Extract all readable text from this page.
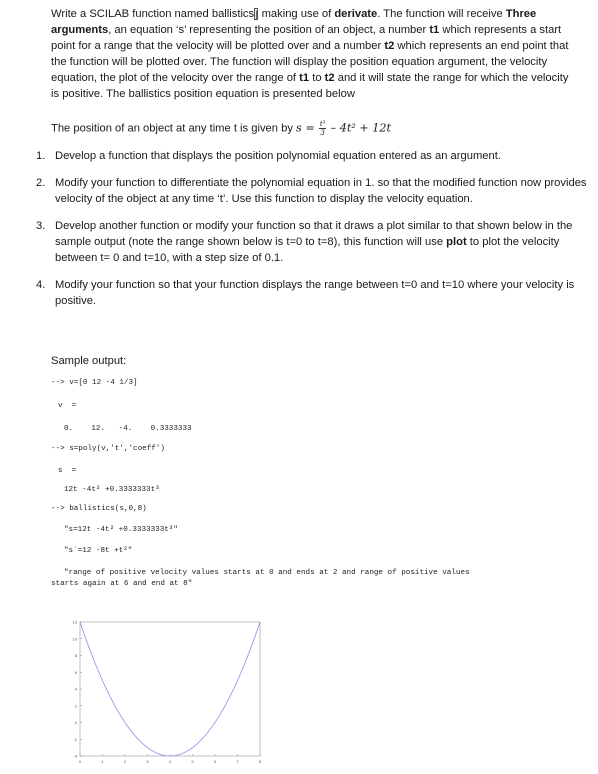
Write a SCILAB function named ballistics| making use of derivate. The function will receive Three arguments, an equation ‘s’ representing the position of an object, a number t1 which represents a start point for a range that the velocity will be plotted over and a number t2 which represents an end point that the function will be plotted over. The function will display the position equation argument, the velocity equation, the plot of the velocity over the range of t1 to t2 and it will state the range for which the velocity is positive. The ballistics position equation is presented below
The position of an object at any time t is given by $s = \frac{\text{t³}}{3} - 4t^2 + 12t$
1. Develop a function that displays the position polynomial equation entered as an argument.
2. Modify your function to differentiate the polynomial equation in 1. so that the modified function now provides velocity of the object at any time ‘t’. Use this function to display the velocity equation.
3. Develop another function or modify your function so that it draws a plot similar to that shown below in the sample output (note the range shown below is t=0 to t=8), this function will use plot to plot the velocity between t= 0 and t=10, with a step size of 0.1.
4. Modify your function so that your function displays the range between t=0 and t=10 where your velocity is positive.
Sample output:
--> v=[0 12 -4 1/3]
v  =
0.    12.   -4.    0.3333333
--> s=poly(v,'t','coeff')
s  =
12t -4t² +0.3333333t³
--> ballistics(s,0,8)
"s=12t -4t² +0.3333333t³"
"s`=12 -8t +t²"
"range of positive velocity values starts at 0 and ends at 2 and range of positive values
starts again at 6 and end at 8"
12
10
8
6
4
2
0
-2
-4
0	1	2	3	4	5	6	7	8
